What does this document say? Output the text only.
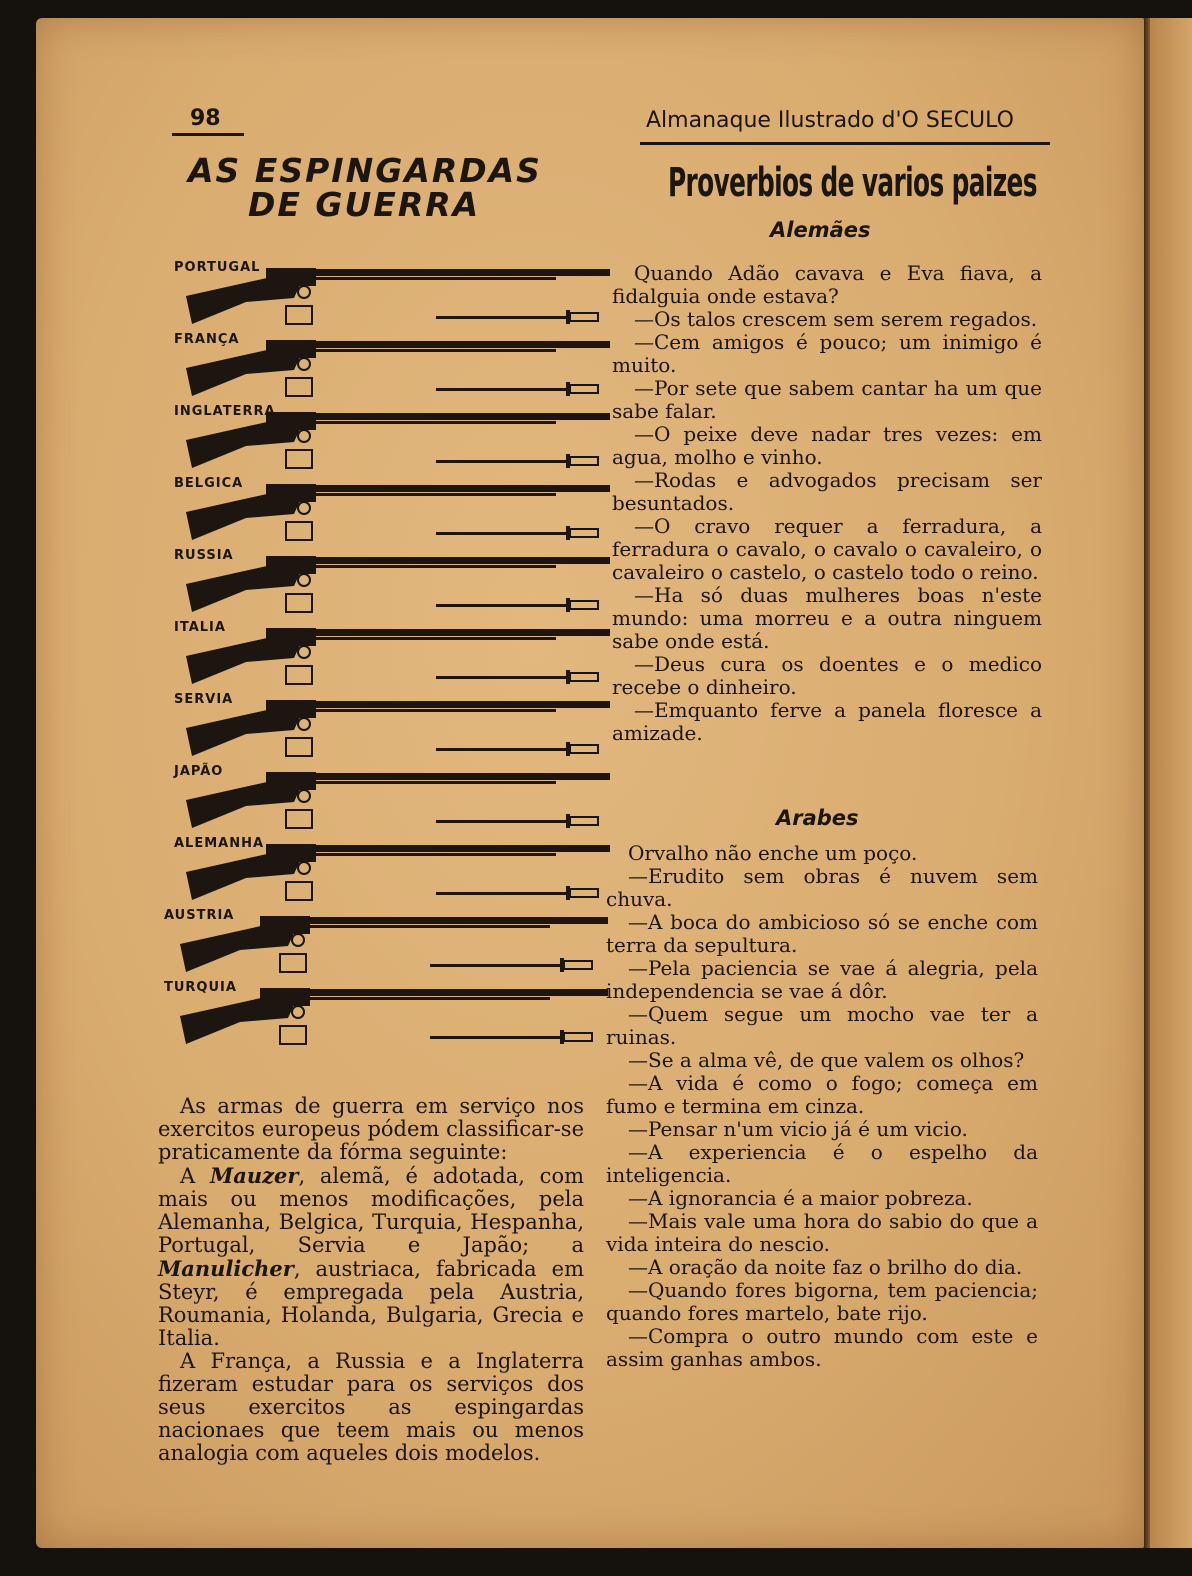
98	Almanaque Ilustrado d'O SECULO
AS ESPINGARDAS
DE GUERRA	Proverbios de varios paizes
PORTUGAL
FRANÇA
INGLATERRA
BELGICA
RUSSIA
ITALIA
SERVIA
JAPÃO
ALEMANHA
AUSTRIA
TURQUIA

As armas de guerra em serviço nos exercitos europeus pódem classificar-se praticamente da fórma seguinte:

A Mauzer, alemã, é adotada, com mais ou menos modificações, pela Alemanha, Belgica, Turquia, Hespanha, Portugal, Servia e Japão; a Manulicher, austriaca, fabricada em Steyr, é empregada pela Austria, Roumania, Holanda, Bulgaria, Grecia e Italia.

A França, a Russia e a Inglaterra fizeram estudar para os serviços dos seus exercitos as espingardas nacionaes que teem mais ou menos analogia com aqueles dois modelos.

Alemães

Quando Adão cavava e Eva fiava, a fidalguia onde estava?

—Os talos crescem sem serem regados.

—Cem amigos é pouco; um inimigo é muito.

—Por sete que sabem cantar ha um que sabe falar.

—O peixe deve nadar tres vezes: em agua, molho e vinho.

—Rodas e advogados precisam ser besuntados.

—O cravo requer a ferradura, a ferradura o cavalo, o cavalo o cavaleiro, o cavaleiro o castelo, o castelo todo o reino.

—Ha só duas mulheres boas n'este mundo: uma morreu e a outra ninguem sabe onde está.

—Deus cura os doentes e o medico recebe o dinheiro.

—Emquanto ferve a panela floresce a amizade.

Arabes

Orvalho não enche um poço.

—Erudito sem obras é nuvem sem chuva.

—A boca do ambicioso só se enche com terra da sepultura.

—Pela paciencia se vae á alegria, pela independencia se vae á dôr.

—Quem segue um mocho vae ter a ruinas.

—Se a alma vê, de que valem os olhos?

—A vida é como o fogo; começa em fumo e termina em cinza.

—Pensar n'um vicio já é um vicio.

—A experiencia é o espelho da inteligencia.

—A ignorancia é a maior pobreza.

—Mais vale uma hora do sabio do que a vida inteira do nescio.

—A oração da noite faz o brilho do dia.

—Quando fores bigorna, tem paciencia; quando fores martelo, bate rijo.

—Compra o outro mundo com este e assim ganhas ambos.
